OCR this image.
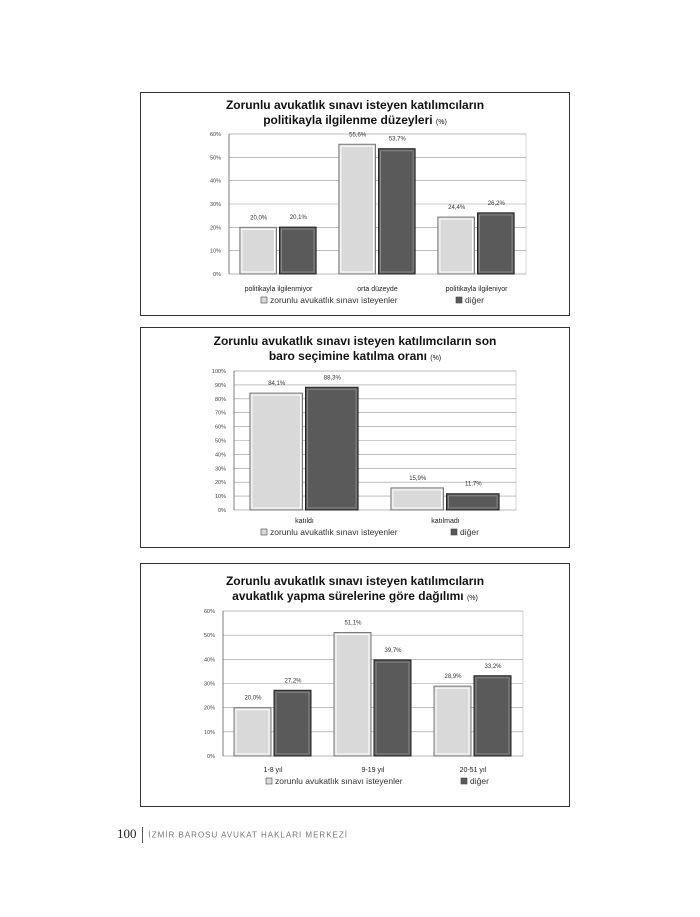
Zorunlu avukatlık sınavı isteyen katılımcıların
politikayla ilgilenme düzeyleri (%)
0%
10%
20%
30%
40%
50%
60%
20,0%	20,1%
politikayla ilgilenmiyor
55,6%
53,7%
orta düzeyde
24,4%
26,2%
politikayla ilgileniyor
zorunlu avukatlık sınavı isteyenler	diğer
Zorunlu avukatlık sınavı isteyen katılımcıların son
baro seçimine katılma oranı (%)
0%
10%
20%
30%
40%
50%
60%
70%
80%
90%
100%
84,1%
88,3%
katıldı
15,9%
11,7%
katılmadı
zorunlu avukatlık sınavı isteyenler	diğer
Zorunlu avukatlık sınavı isteyen katılımcıların
avukatlık yapma sürelerine göre dağılımı (%)
0%
10%
20%
30%
40%
50%
60%
20,0%
27,2%
1-8 yıl
51,1%
39,7%
9-19 yıl
28,9%
33,2%
20-51 yıl
zorunlu avukatlık sınavı isteyenler	diğer
100 İZMİR BAROSU AVUKAT HAKLARI MERKEZİ
